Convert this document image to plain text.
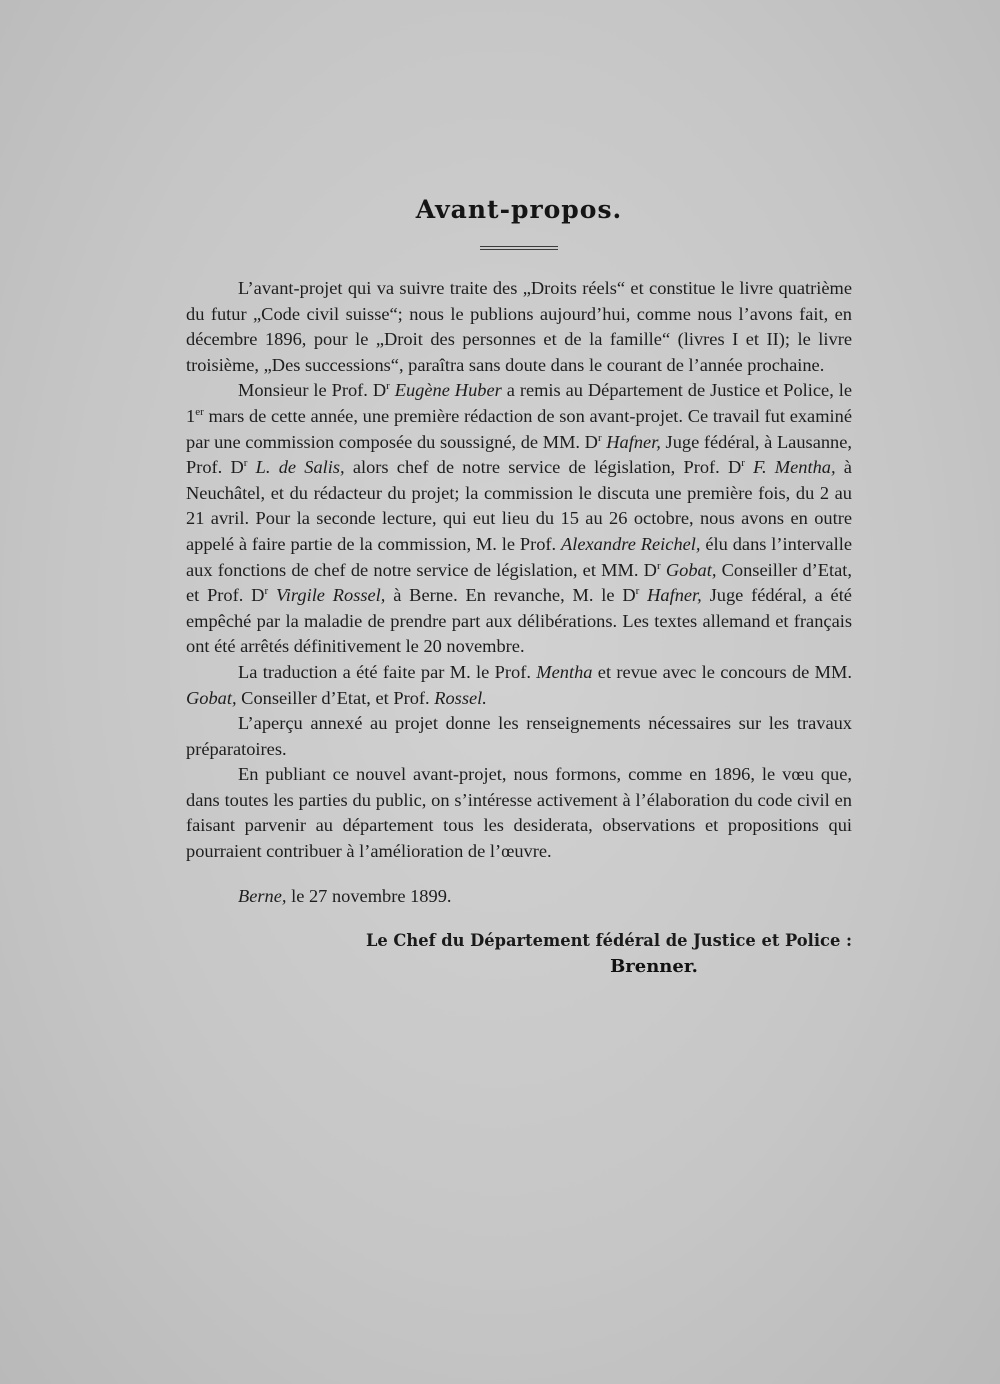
Avant-propos.

L’avant-projet qui va suivre traite des „Droits réels“ et constitue le livre quatrième du futur „Code civil suisse“; nous le publions aujourd’hui, comme nous l’avons fait, en décembre 1896, pour le „Droit des personnes et de la famille“ (livres I et II); le livre troisième, „Des successions“, paraîtra sans doute dans le courant de l’année prochaine.

Monsieur le Prof. $D^r$ Eugène Huber a remis au Département de Justice et Police, le 1er mars de cette année, une première rédaction de son avant-projet. Ce travail fut examiné par une commission composée du soussigné, de MM. $D^r$ Hafner, Juge fédéral, à Lausanne, Prof. $D^r$ L. de Salis, alors chef de notre service de législation, Prof. $D^r$ F. Mentha, à Neuchâtel, et du rédacteur du projet; la commission le discuta une première fois, du 2 au 21 avril. Pour la seconde lecture, qui eut lieu du 15 au 26 octobre, nous avons en outre appelé à faire partie de la commission, M. le Prof. Alexandre Reichel, élu dans l’intervalle aux fonctions de chef de notre service de législation, et MM. $D^r$ Gobat, Conseiller d’Etat, et Prof. $D^r$ Virgile Rossel, à Berne. En revanche, M. le $D^r$ Hafner, Juge fédéral, a été empêché par la maladie de prendre part aux délibérations. Les textes allemand et français ont été arrêtés définitivement le 20 novembre.

La traduction a été faite par M. le Prof. Mentha et revue avec le concours de MM. Gobat, Conseiller d’Etat, et Prof. Rossel.

L’aperçu annexé au projet donne les renseignements nécessaires sur les travaux préparatoires.

En publiant ce nouvel avant-projet, nous formons, comme en 1896, le vœu que, dans toutes les parties du public, on s’intéresse activement à l’élaboration du code civil en faisant parvenir au département tous les desiderata, observations et propositions qui pourraient contribuer à l’amélioration de l’œuvre.

Berne, le 27 novembre 1899.
Le Chef du Département fédéral de Justice et Police :
Brenner.
